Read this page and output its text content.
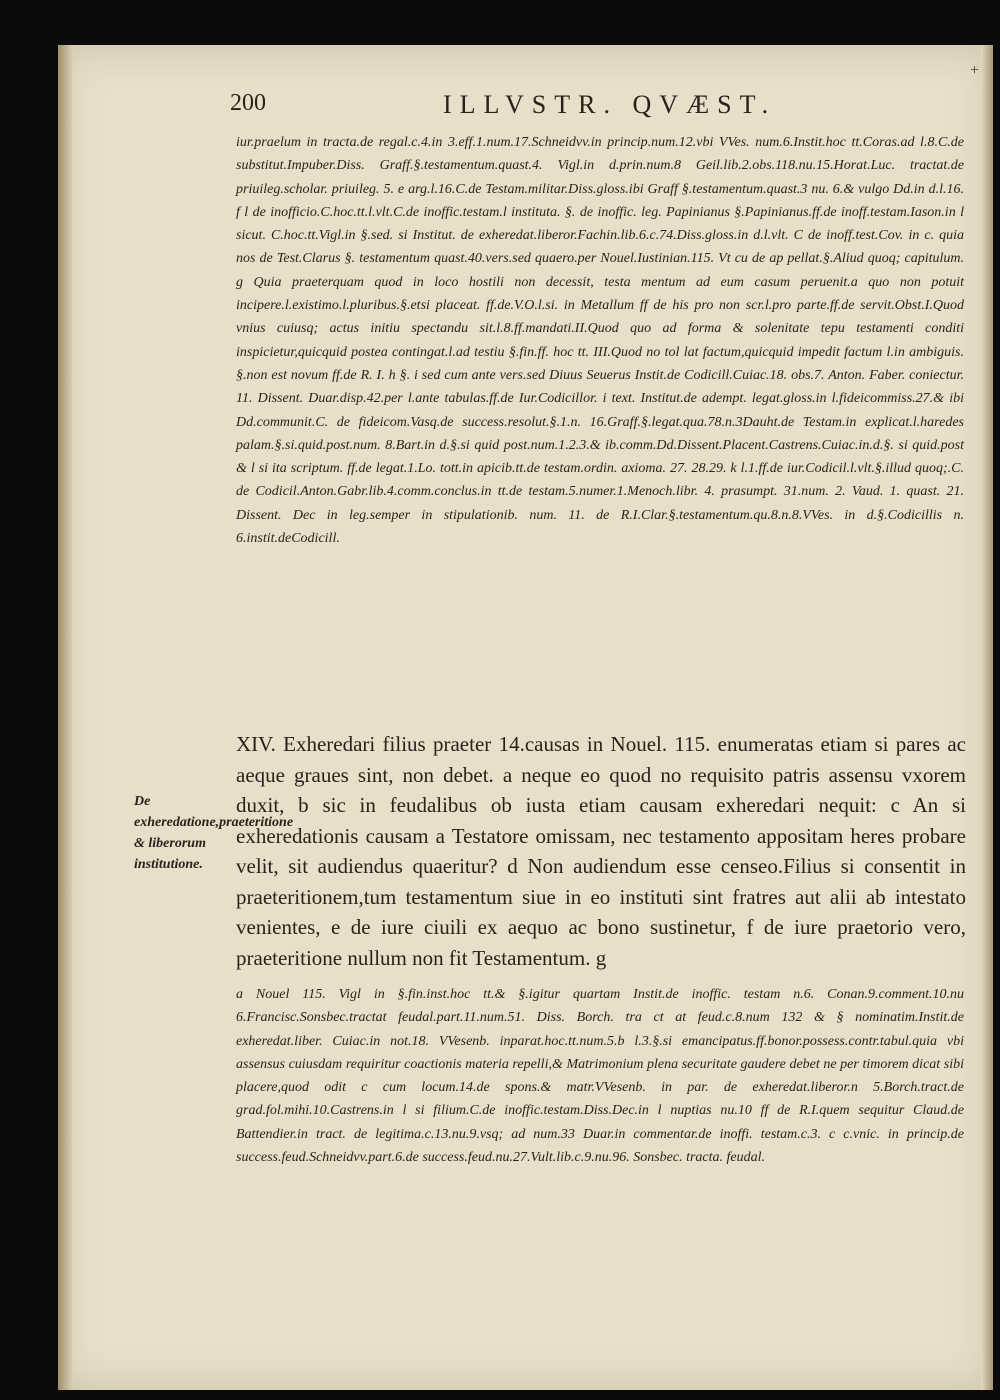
200	ILLVSTR. QVÆST.
+
iur.praelum in tracta.de regal.c.4.in 3.eff.1.num.17.Schneidvv.in princip.num.12.vbi VVes. num.6.Instit.hoc tt.Coras.ad l.8.C.de substitut.Impuber.Diss. Graff.§.testamentum.quast.4. Vigl.in d.prin.num.8 Geil.lib.2.obs.118.nu.15.Horat.Luc. tractat.de priuileg.scholar. priuileg. 5. e arg.l.16.C.de Testam.militar.Diss.gloss.ibi Graff §.testamentum.quast.3 nu. 6.& vulgo Dd.in d.l.16. f l de inofficio.C.hoc.tt.l.vlt.C.de inoffic.testam.l instituta. §. de inoffic. leg. Papinianus §.Papinianus.ff.de inoff.testam.Iason.in l sicut. C.hoc.tt.Vigl.in §.sed. si Institut. de exheredat.liberor.Fachin.lib.6.c.74.Diss.gloss.in d.l.vlt. C de inoff.test.Cov. in c. quia nos de Test.Clarus §. testamentum quast.40.vers.sed quaero.per Nouel.Iustinian.115. Vt cu de ap pellat.§.Aliud quoq; capitulum. g Quia praeterquam quod in loco hostili non decessit, testa mentum ad eum casum peruenit.a quo non potuit incipere.l.existimo.l.pluribus.§.etsi placeat. ff.de.V.O.l.si. in Metallum ff de his pro non scr.l.pro parte.ff.de servit.Obst.I.Quod vnius cuiusq; actus initiu spectandu sit.l.8.ff.mandati.II.Quod quo ad forma & solenitate tepu testamenti conditi inspicietur,quicquid postea contingat.l.ad testiu §.fin.ff. hoc tt. III.Quod no tol lat factum,quicquid impedit factum l.in ambiguis. §.non est novum ff.de R. I. h §. i sed cum ante vers.sed Diuus Seuerus Instit.de Codicill.Cuiac.18. obs.7. Anton. Faber. coniectur. 11. Dissent. Duar.disp.42.per l.ante tabulas.ff.de Iur.Codicillor. i text. Institut.de adempt. legat.gloss.in l.fideicommiss.27.& ibi Dd.communit.C. de fideicom.Vasq.de success.resolut.§.1.n. 16.Graff.§.legat.qua.78.n.3Dauht.de Testam.in explicat.l.haredes palam.§.si.quid.post.num. 8.Bart.in d.§.si quid post.num.1.2.3.& ib.comm.Dd.Dissent.Placent.Castrens.Cuiac.in.d.§. si quid.post & l si ita scriptum. ff.de legat.1.Lo. tott.in apicib.tt.de testam.ordin. axioma. 27. 28.29. k l.1.ff.de iur.Codicil.l.vlt.§.illud quoq;.C. de Codicil.Anton.Gabr.lib.4.comm.conclus.in tt.de testam.5.numer.1.Menoch.libr. 4. prasumpt. 31.num. 2. Vaud. 1. quast. 21. Dissent. Dec in leg.semper in stipulationib. num. 11. de R.I.Clar.§.testamentum.qu.8.n.8.VVes. in d.§.Codicillis n. 6.instit.deCodicill.
De exheredatione,praeteritione & liberorum institutione.
XIV. Exheredari filius praeter 14.causas in Nouel. 115. enumeratas etiam si pares ac aeque graues sint, non debet. a neque eo quod no requisito patris assensu vxorem duxit, b sic in feudalibus ob iusta etiam causam exheredari nequit: c An si exheredationis causam a Testatore omissam, nec testamento appositam heres probare velit, sit audiendus quaeritur? d Non audiendum esse censeo.Filius si consentit in praeteritionem,tum testamentum siue in eo instituti sint fratres aut alii ab intestato venientes, e de iure ciuili ex aequo ac bono sustinetur, f de iure praetorio vero, praeteritione nullum non fit Testamentum. g
a Nouel 115. Vigl in §.fin.inst.hoc tt.& §.igitur quartam Instit.de inoffic. testam n.6. Conan.9.comment.10.nu 6.Francisc.Sonsbec.tractat feudal.part.11.num.51. Diss. Borch. tra ct at feud.c.8.num 132 & § nominatim.Instit.de exheredat.liber. Cuiac.in not.18. VVesenb. inparat.hoc.tt.num.5.b l.3.§.si emancipatus.ff.bonor.possess.contr.tabul.quia vbi assensus cuiusdam requiritur coactionis materia repelli,& Matrimonium plena securitate gaudere debet ne per timorem dicat sibi placere,quod odit c cum locum.14.de spons.& matr.VVesenb. in par. de exheredat.liberor.n 5.Borch.tract.de grad.fol.mihi.10.Castrens.in l si filium.C.de inoffic.testam.Diss.Dec.in l nuptias nu.10 ff de R.I.quem sequitur Claud.de Battendier.in tract. de legitima.c.13.nu.9.vsq; ad num.33 Duar.in commentar.de inoffi. testam.c.3. c c.vnic. in princip.de success.feud.Schneidvv.part.6.de success.feud.nu.27.Vult.lib.c.9.nu.96. Sonsbec. tracta. feudal.
